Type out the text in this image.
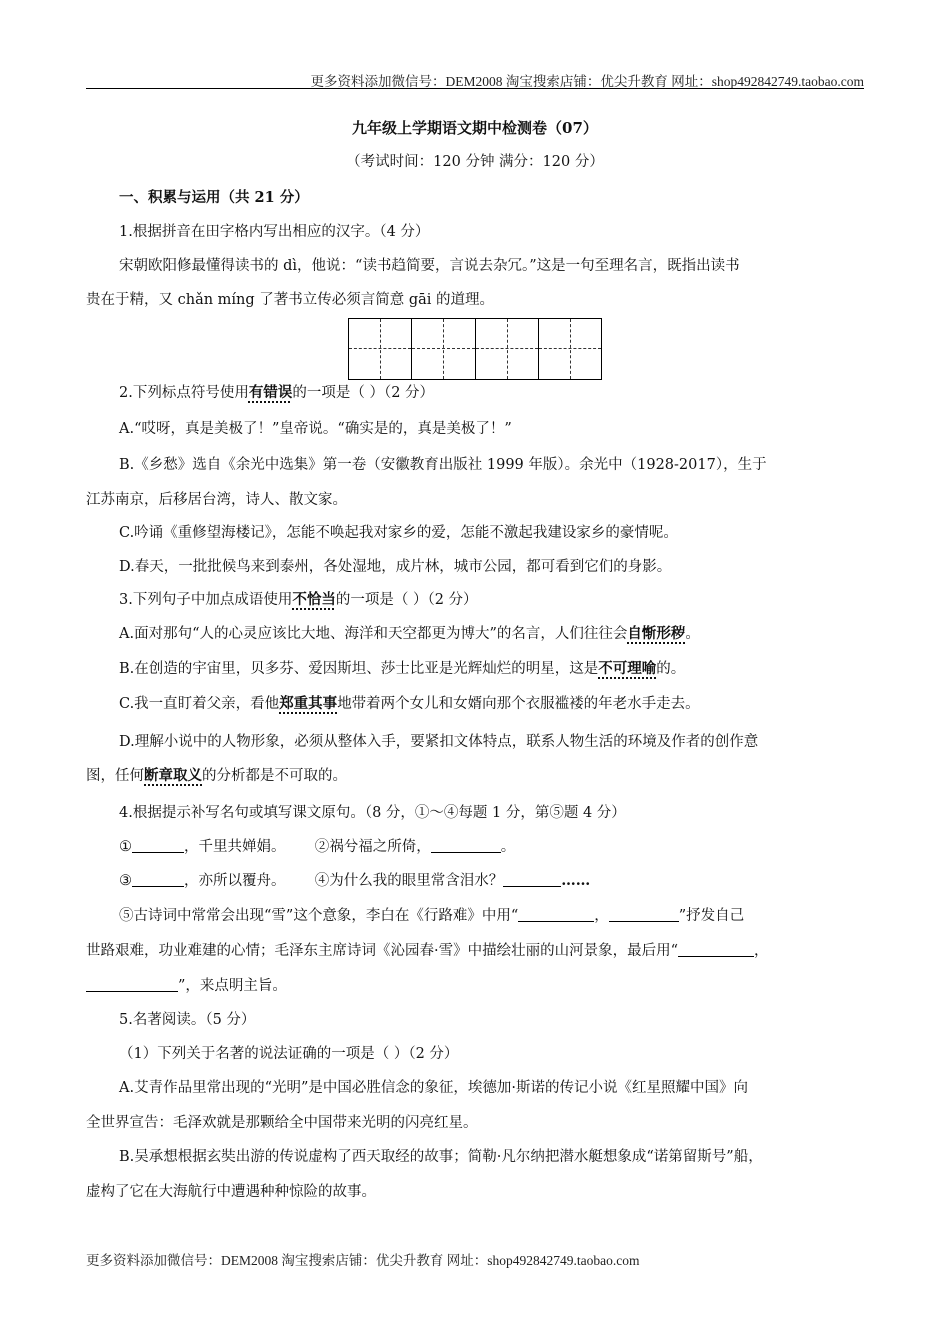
更多资料添加微信号：DEM2008 淘宝搜索店铺：优尖升教育 网址：shop492842749.taobao.com
九年级上学期语文期中检测卷（07）
（考试时间：120 分钟 满分：120 分）
一、积累与运用（共 21 分）
1.根据拼音在田字格内写出相应的汉字。（4 分）
宋朝欧阳修最懂得读书的 dì，他说：“读书趋简要，言说去杂冗。”这是一句至理名言，既指出读书
贵在于精，又 chǎn míng 了著书立传必须言简意 gāi 的道理。
2.下列标点符号使用有错误的一项是（ ）（2 分）
A.“哎呀，真是美极了！”皇帝说。“确实是的，真是美极了！”
B.《乡愁》选自《余光中选集》第一卷（安徽教育出版社 1999 年版）。余光中（1928-2017），生于
江苏南京，后移居台湾，诗人、散文家。
C.吟诵《重修望海楼记》，怎能不唤起我对家乡的爱，怎能不激起我建设家乡的豪情呢。
D.春天，一批批候鸟来到泰州，各处湿地，成片林，城市公园，都可看到它们的身影。
3.下列句子中加点成语使用不恰当的一项是（ ）（2 分）
A.面对那句“人的心灵应该比大地、海洋和天空都更为博大”的名言，人们往往会自惭形秽。
B.在创造的宇宙里，贝多芬、爱因斯坦、莎士比亚是光辉灿烂的明星，这是不可理喻的。
C.我一直盯着父亲，看他郑重其事地带着两个女儿和女婿向那个衣服褴褛的年老水手走去。
D.理解小说中的人物形象，必须从整体入手，要紧扣文体特点，联系人物生活的环境及作者的创作意
图，任何断章取义的分析都是不可取的。
4.根据提示补写名句或填写课文原句。（8 分，①～④每题 1 分，第⑤题 4 分）
①	，千里共婵娟。 ②祸兮福之所倚，	。
③	，亦所以覆舟。 ④为什么我的眼里常含泪水？	……
⑤古诗词中常常会出现“雪”这个意象，李白在《行路难》中用“	，	”抒发自己
世路艰难，功业难建的心情；毛泽东主席诗词《沁园春·雪》中描绘壮丽的山河景象，最后用“	，
”，来点明主旨。
5.名著阅读。（5 分）
（1）下列关于名著的说法证确的一项是（ ）（2 分）
A.艾青作品里常出现的“光明”是中国必胜信念的象征，埃德加·斯诺的传记小说《红星照耀中国》向
全世界宣告：毛泽欢就是那颗给全中国带来光明的闪亮红星。
B.吴承想根据玄奘出游的传说虚构了西天取经的故事；简勒·凡尔纳把潜水艇想象成“诺第留斯号”船，
虚构了它在大海航行中遭遇种种惊险的故事。
更多资料添加微信号：DEM2008 淘宝搜索店铺：优尖升教育 网址：shop492842749.taobao.com
